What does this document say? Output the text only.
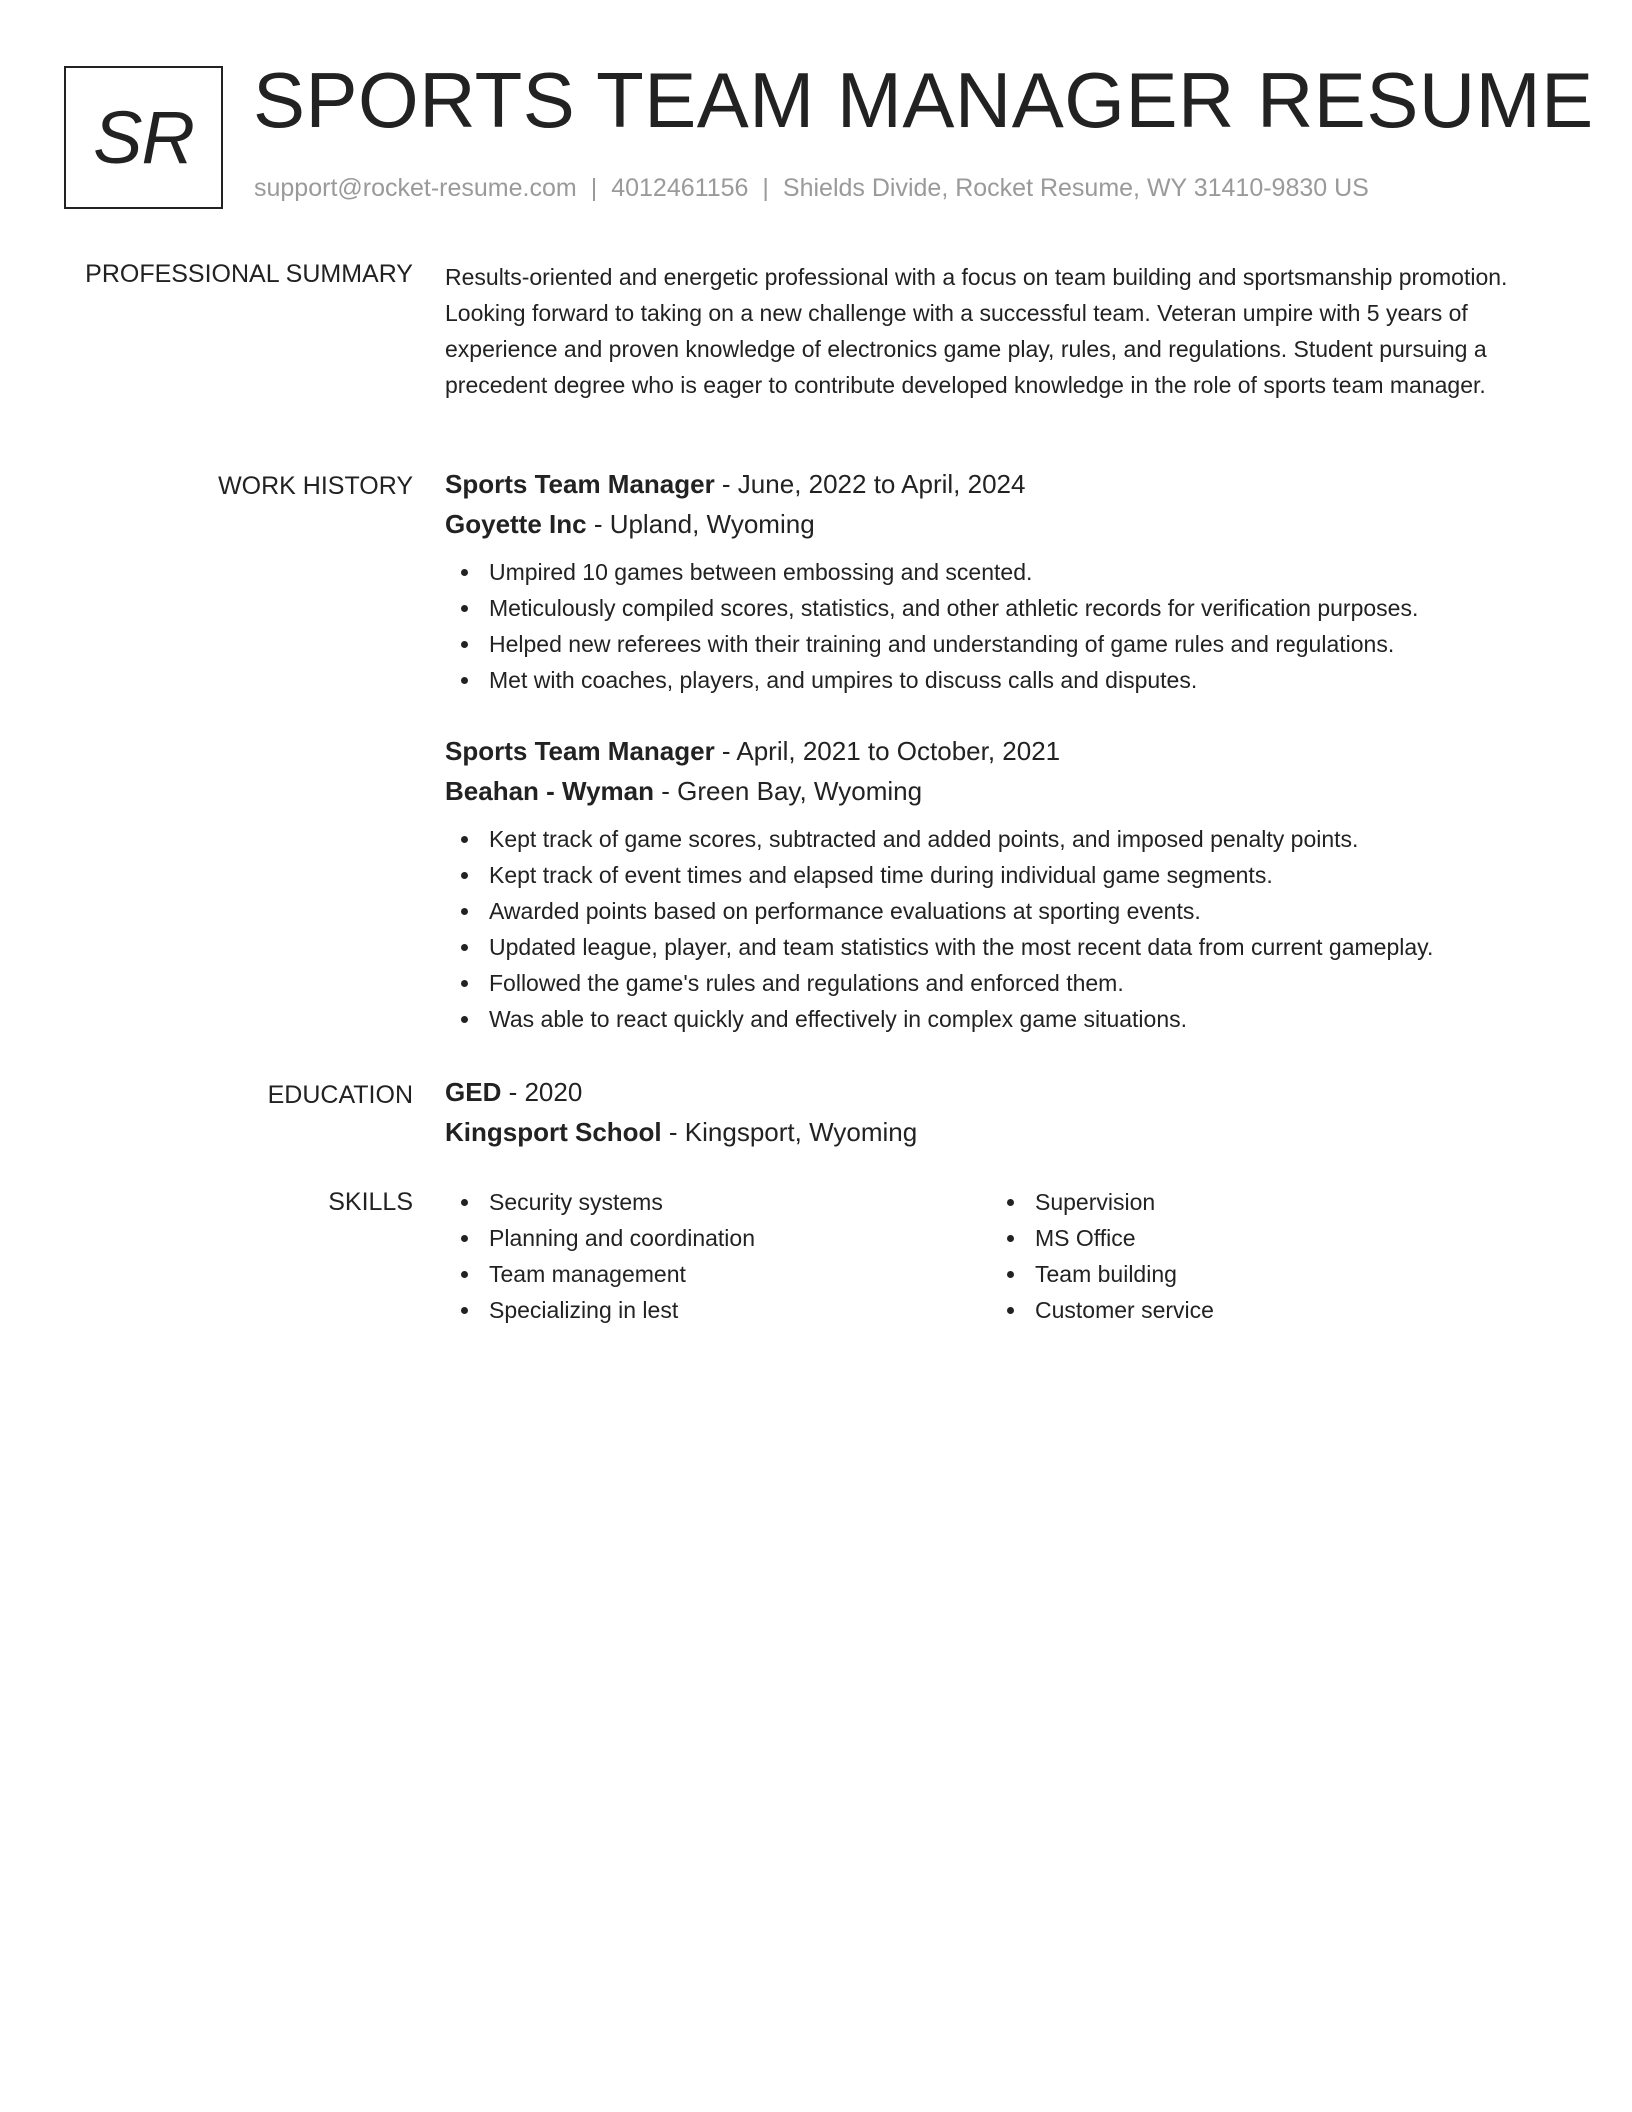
SR SPORTS TEAM MANAGER RESUME
support@rocket-resume.com | 4012461156 | Shields Divide, Rocket Resume, WY 31410-9830 US
PROFESSIONAL SUMMARY Results-oriented and energetic professional with a focus on team building and sportsmanship promotion. Looking forward to taking on a new challenge with a successful team. Veteran umpire with 5 years of experience and proven knowledge of electronics game play, rules, and regulations. Student pursuing a precedent degree who is eager to contribute developed knowledge in the role of sports team manager.
WORK HISTORY Sports Team Manager - June, 2022 to April, 2024
Goyette Inc - Upland, Wyoming
Umpired 10 games between embossing and scented.
Meticulously compiled scores, statistics, and other athletic records for verification purposes.
Helped new referees with their training and understanding of game rules and regulations.
Met with coaches, players, and umpires to discuss calls and disputes.
Sports Team Manager - April, 2021 to October, 2021
Beahan - Wyman - Green Bay, Wyoming
Kept track of game scores, subtracted and added points, and imposed penalty points.
Kept track of event times and elapsed time during individual game segments.
Awarded points based on performance evaluations at sporting events.
Updated league, player, and team statistics with the most recent data from current gameplay.
Followed the game's rules and regulations and enforced them.
Was able to react quickly and effectively in complex game situations.
EDUCATION GED - 2020
Kingsport School - Kingsport, Wyoming
SKILLS	Security systems
Planning and coordination
Team management
Specializing in lest
Supervision
MS Office
Team building
Customer service
